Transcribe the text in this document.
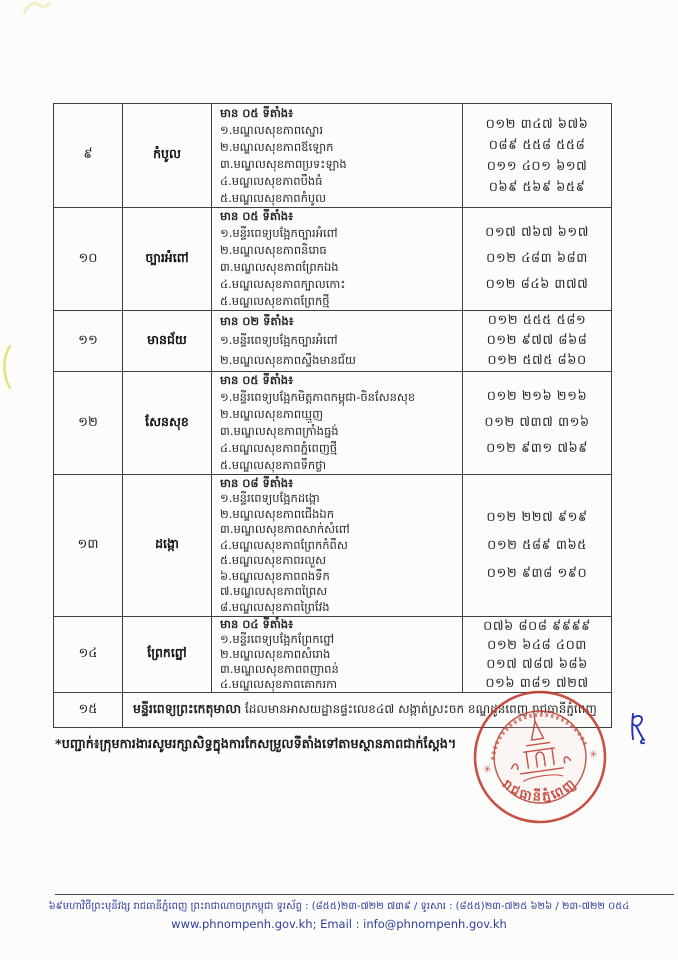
៩	កំបូល
មាន ០៥ ទីតាំង៖
១.មណ្ឌលសុខភាពស្នោរ
២.មណ្ឌលសុខភាពឪឡោក
៣.មណ្ឌលសុខភាពប្រទះឡាង
៤.មណ្ឌលសុខភាពបឹងធំ
៥.មណ្ឌលសុខភាពកំបូល
០១២ ៣៤៧ ៦៧៦
០៨៩ ៥៥៨ ៥៥៨
០១១ ៤០១ ៦១៧
០៦៩ ៥៦៩ ៦៥៩
១០	ច្បារអំពៅ
មាន ០៥ ទីតាំង៖
១.មន្ទីរពេទ្យបង្អែកច្បារអំពៅ
២.មណ្ឌលសុខភាពនិរោធ
៣.មណ្ឌលសុខភាពព្រែកឯង
៤.មណ្ឌលសុខភាពក្បាលកោះ
៥.មណ្ឌលសុខភាពព្រែកថ្មី
០១៧ ៧៦៧ ៦១៧
០១២ ៤៨៣ ៦៨៣
០១២ ៨៤៦ ៣៧៧
១១	មានជ័យ
មាន ០២ ទីតាំង៖
១.មន្ទីរពេទ្យបង្អែកច្បារអំពៅ
២.មណ្ឌលសុខភាពស្ទឹងមានជ័យ
០១២ ៥៥៥ ៥៨១
០១២ ៩៧៧ ៨៦៨
០១២ ៥៧៥ ៨៦០
១២	សែនសុខ
មាន ០៥ ទីតាំង៖
១.មន្ទីរពេទ្យបង្អែកមិត្តភាពកម្ពុជា-ចិនសែនសុខ
២.មណ្ឌលសុខភាពឃ្មួញ
៣.មណ្ឌលសុខភាពក្រាំងធ្នង់
៤.មណ្ឌលសុខភាពភ្នំពេញថ្មី
៥.មណ្ឌលសុខភាពទឹកថ្លា
០១២ ២១៦ ២១៦
០១២ ៧៣៧ ៣១៦
០១២ ៩៣១ ៧៦៩
១៣	ដង្កោ
មាន ០៨ ទីតាំង៖
១.មន្ទីរពេទ្យបង្អែកដង្កោ
២.មណ្ឌលសុខភាពជើងឯក
៣.មណ្ឌលសុខភាពសាក់សំពៅ
៤.មណ្ឌលសុខភាពព្រែកកំពឹស
៥.មណ្ឌលសុខភាពរលួស
៦.មណ្ឌលសុខភាពពងទឹក
៧.មណ្ឌលសុខភាពព្រៃស
៨.មណ្ឌលសុខភាពព្រៃវែង
០១២ ២២៧ ៩១៩
០១២ ៥៨៩ ៣៦៥
០១២ ៩៣៨ ១៩០
១៤	ព្រែកព្នៅ
មាន ០៤ ទីតាំង៖
១.មន្ទីរពេទ្យបង្អែកព្រែកព្នៅ
២.មណ្ឌលសុខភាពសំរោង
៣.មណ្ឌលសុខភាពពញាពន់
៤.មណ្ឌលសុខភាពគោករកា
០៧៦ ៨០៨ ៩៩៩៩
០១២ ៦៤៨ ៤០៣
០១៧ ៧៨៧ ៦៨៦
០១៦ ៣៨១ ៧២៧
១៥	មន្ទីរពេទ្យព្រះកេតុមាលា ដែលមានអាសយដ្ឋានផ្ទះលេខ៤៧ សង្កាត់ស្រះចក ខណ្ឌដូនពេញ រាជធានីភ្នំពេញ
*បញ្ជាក់៖ក្រុមការងារសូមរក្សាសិទ្ធក្នុងការកែសម្រួលទីតាំងទៅតាមស្ថានភាពជាក់ស្តែង។
✳
✳
រាជធានីភ្នំពេញ
៦៩មហាវិថីព្រះមុនីវង្ស រាជធានីភ្នំពេញ ព្រះរាជាណាចក្រកម្ពុជា ទូរស័ព្ទ : (៨៥៥)២៣-៧២២ ៧៣៩ / ទូរសារ : (៨៥៥)២៣-៧២៥ ៦២៦ / ២៣-៧២២ ០៥៤
www.phnompenh.gov.kh; Email : info@phnompenh.gov.kh
